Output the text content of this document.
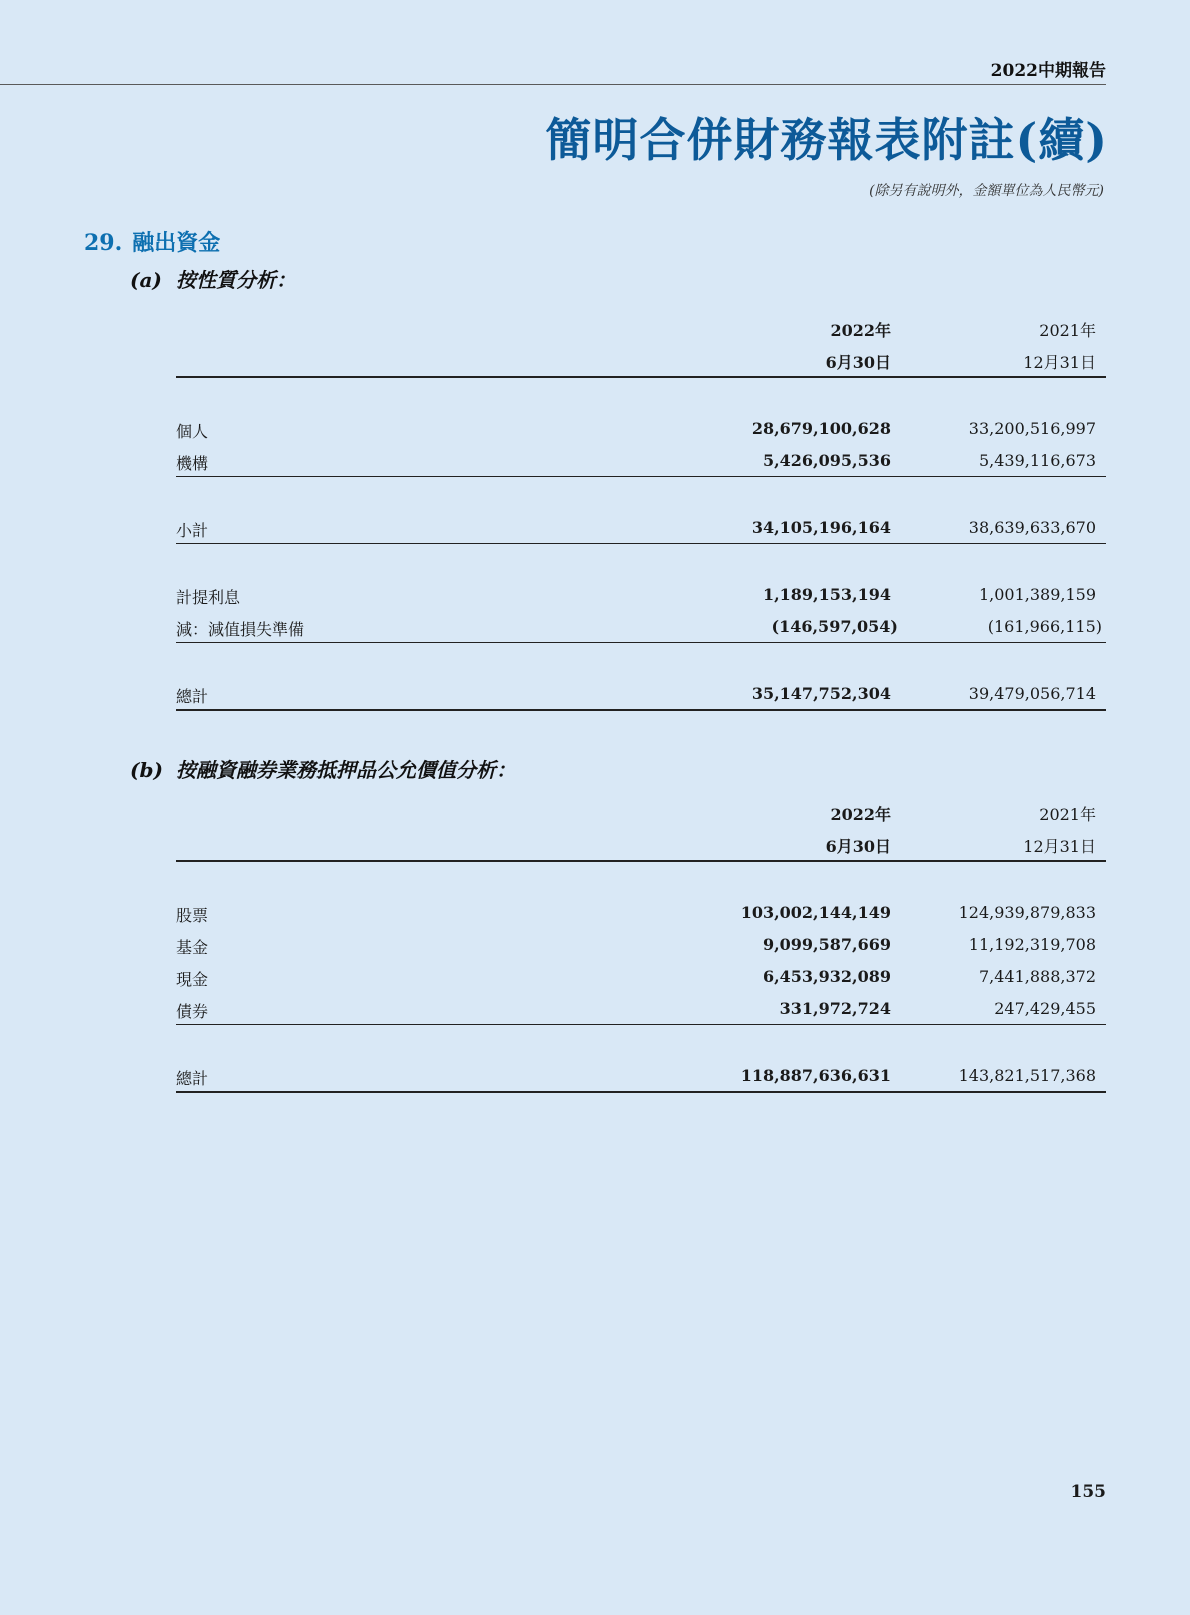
2022中期報告
簡明合併財務報表附註(續)
(除另有說明外，金額單位為人民幣元)
29. 融出資金
(a) 按性質分析：
2022年	2021年
6月30日	12月31日
個人	28,679,100,628	33,200,516,997
機構	5,426,095,536	5,439,116,673
小計	34,105,196,164	38,639,633,670
計提利息	1,189,153,194	1,001,389,159
減：減值損失準備	(146,597,054)	(161,966,115)
總計	35,147,752,304	39,479,056,714
(b) 按融資融券業務抵押品公允價值分析：
2022年	2021年
6月30日	12月31日
股票	103,002,144,149	124,939,879,833
基金	9,099,587,669	11,192,319,708
現金	6,453,932,089	7,441,888,372
債券	331,972,724	247,429,455
總計	118,887,636,631	143,821,517,368
155
